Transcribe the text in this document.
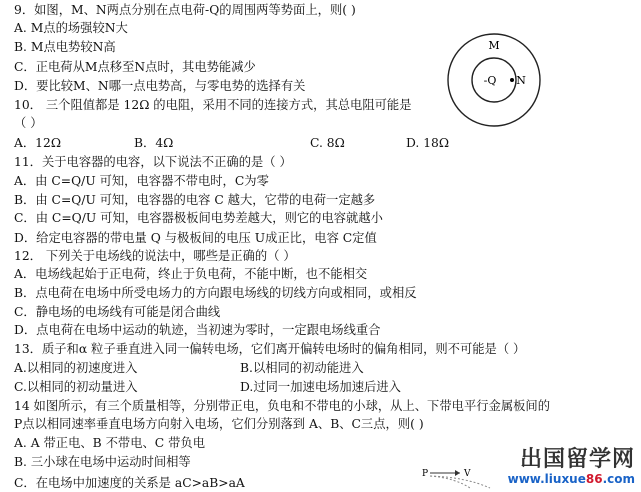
9．如图，M、N两点分别在点电荷-Q的周围两等势面上，则( )
A. M点的场强较N大
B. M点电势较N高
C．正电荷从M点移至N点时，其电势能减少
D．要比较M、N哪一点电势高，与零电势的选择有关
M
-Q N
10． 三个阻值都是 12Ω 的电阻，采用不同的连接方式，其总电阻可能是
（ ）
A．12Ω	B．4Ω	C. 8Ω	D. 18Ω
11．关于电容器的电容，以下说法不正确的是（ ）
A．由 C=Q/U 可知，电容器不带电时，C为零
B．由 C=Q/U 可知，电容器的电容 C 越大，它带的电荷一定越多
C．由 C=Q/U 可知，电容器极板间电势差越大，则它的电容就越小
D．给定电容器的带电量 Q 与极板间的电压 U成正比，电容 C定值
12． 下列关于电场线的说法中，哪些是正确的（ ）
A．电场线起始于正电荷，终止于负电荷，不能中断，也不能相交
B．点电荷在电场中所受电场力的方向跟电场线的切线方向或相同，或相反
C．静电场的电场线有可能是闭合曲线
D．点电荷在电场中运动的轨迹，当初速为零时，一定跟电场线重合
13．质子和α 粒子垂直进入同一偏转电场，它们离开偏转电场时的偏角相同，则不可能是（ ）
A.以相同的初速度进入	B.以相同的初动能进入
C.以相同的初动量进入	D.过同一加速电场加速后进入
14 如图所示，有三个质量相等，分别带正电，负电和不带电的小球，从上、下带电平行金属板间的
P点以相同速率垂直电场方向射入电场，它们分别落到 A、B、C三点，则( )
A. A 带正电、B 不带电、C 带负电
B. 三小球在电场中运动时间相等
C．在电场中加速度的关系是 aC>aB>aA
P	V
出国留学网
www.liuxue86.com
